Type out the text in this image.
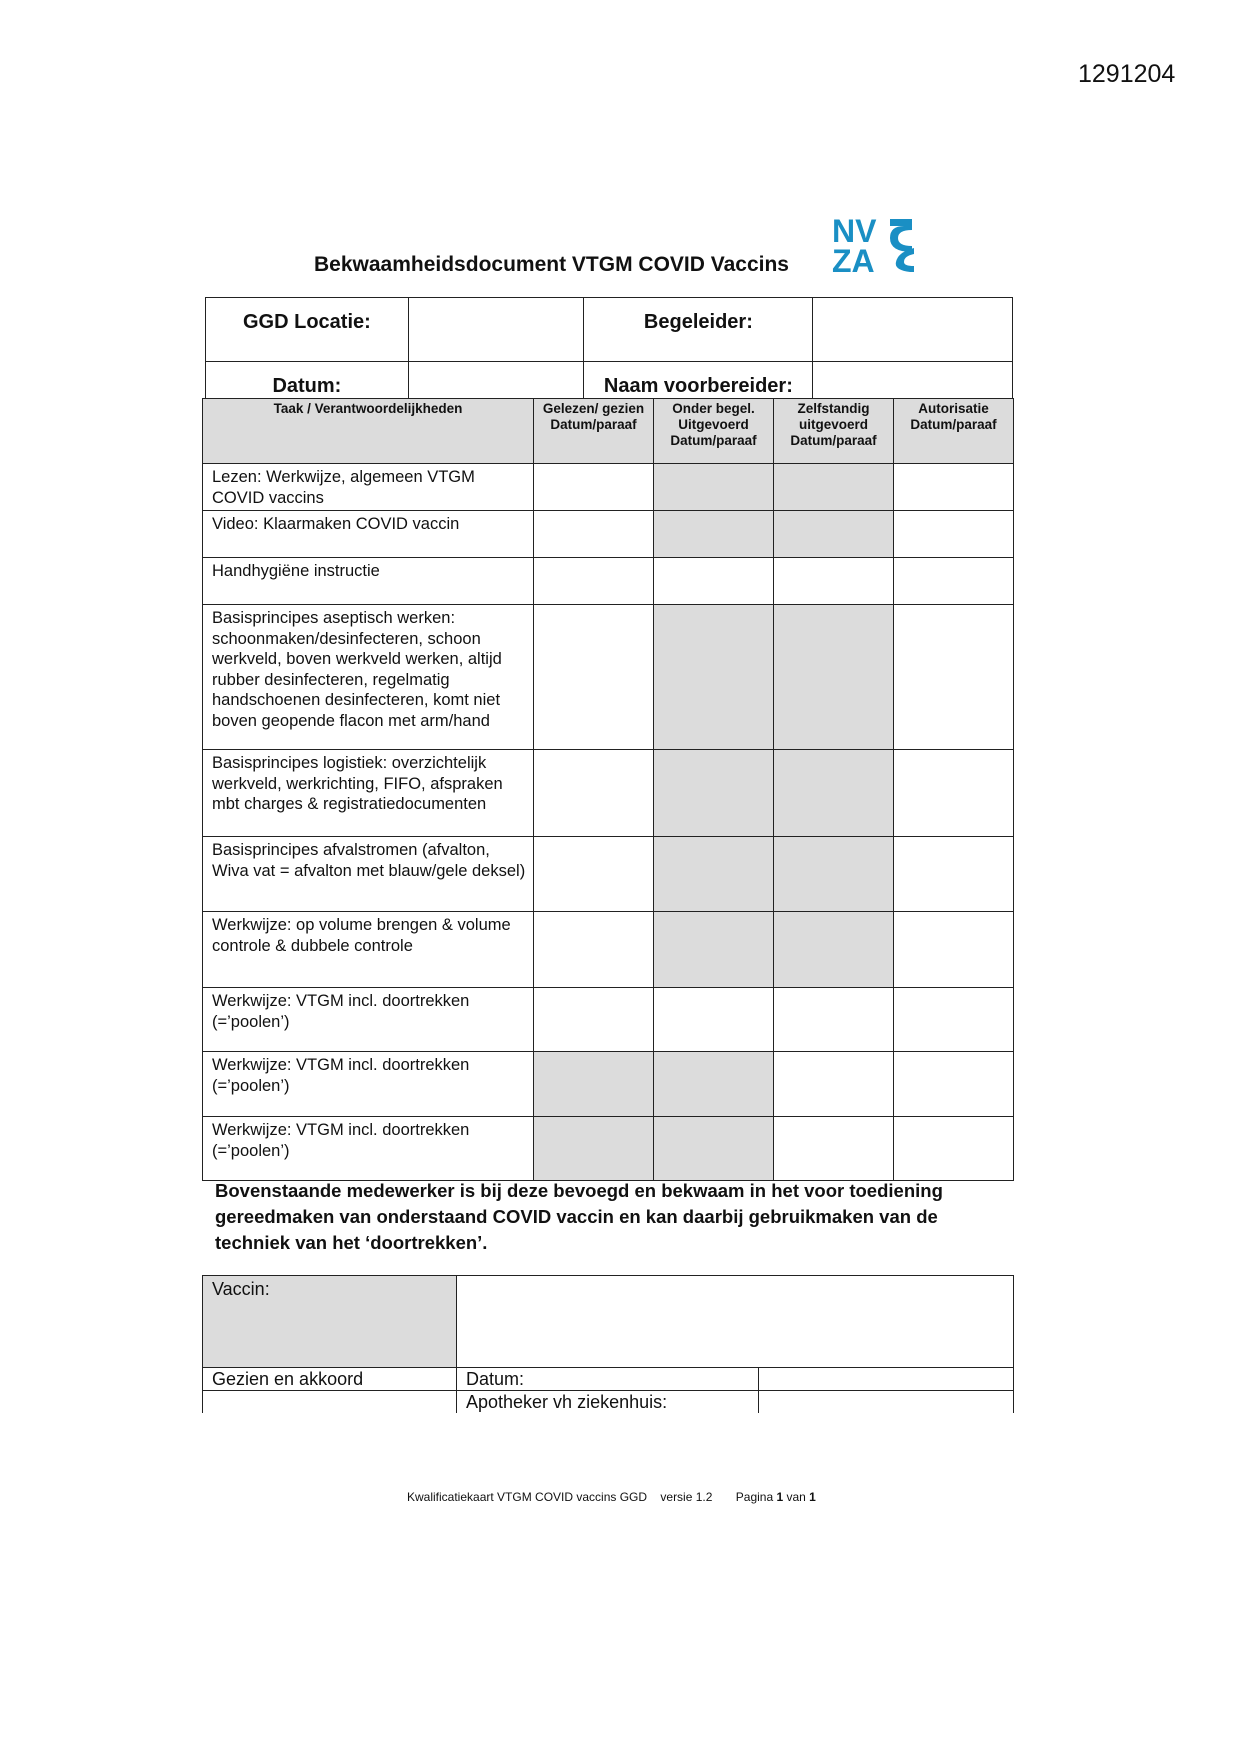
1291204
Bekwaamheidsdocument VTGM COVID Vaccins
NV
ZA
GGD Locatie:		Begeleider:	
Datum:		Naam voorbereider:	
Taak / Verantwoordelijkheden	Gelezen/ gezien Datum/paraaf	Onder begel. Uitgevoerd Datum/paraaf	Zelfstandig uitgevoerd Datum/paraaf	Autorisatie Datum/paraaf
Lezen: Werkwijze, algemeen VTGM COVID vaccins				
Video: Klaarmaken COVID vaccin				
Handhygiëne instructie				
Basisprincipes aseptisch werken: schoonmaken/desinfecteren, schoon werkveld, boven werkveld werken, altijd rubber desinfecteren, regelmatig handschoenen desinfecteren, komt niet boven geopende flacon met arm/hand				
Basisprincipes logistiek: overzichtelijk werkveld, werkrichting, FIFO, afspraken mbt charges & registratiedocumenten				
Basisprincipes afvalstromen (afvalton, Wiva vat = afvalton met blauw/gele deksel)				
Werkwijze: op volume brengen & volume controle & dubbele controle				
Werkwijze: VTGM incl. doortrekken (=’poolen’)				
Werkwijze: VTGM incl. doortrekken (=’poolen’)				
Werkwijze: VTGM incl. doortrekken (=’poolen’)				
Bovenstaande medewerker is bij deze bevoegd en bekwaam in het voor toediening gereedmaken van onderstaand COVID vaccin en kan daarbij gebruikmaken van de techniek van het ‘doortrekken’.
Vaccin:		
Gezien en akkoord	Datum:	
	Apotheker vh ziekenhuis:	
Kwalificatiekaart VTGM COVID vaccins GGD    versie 1.2 Pagina 1 van 1
